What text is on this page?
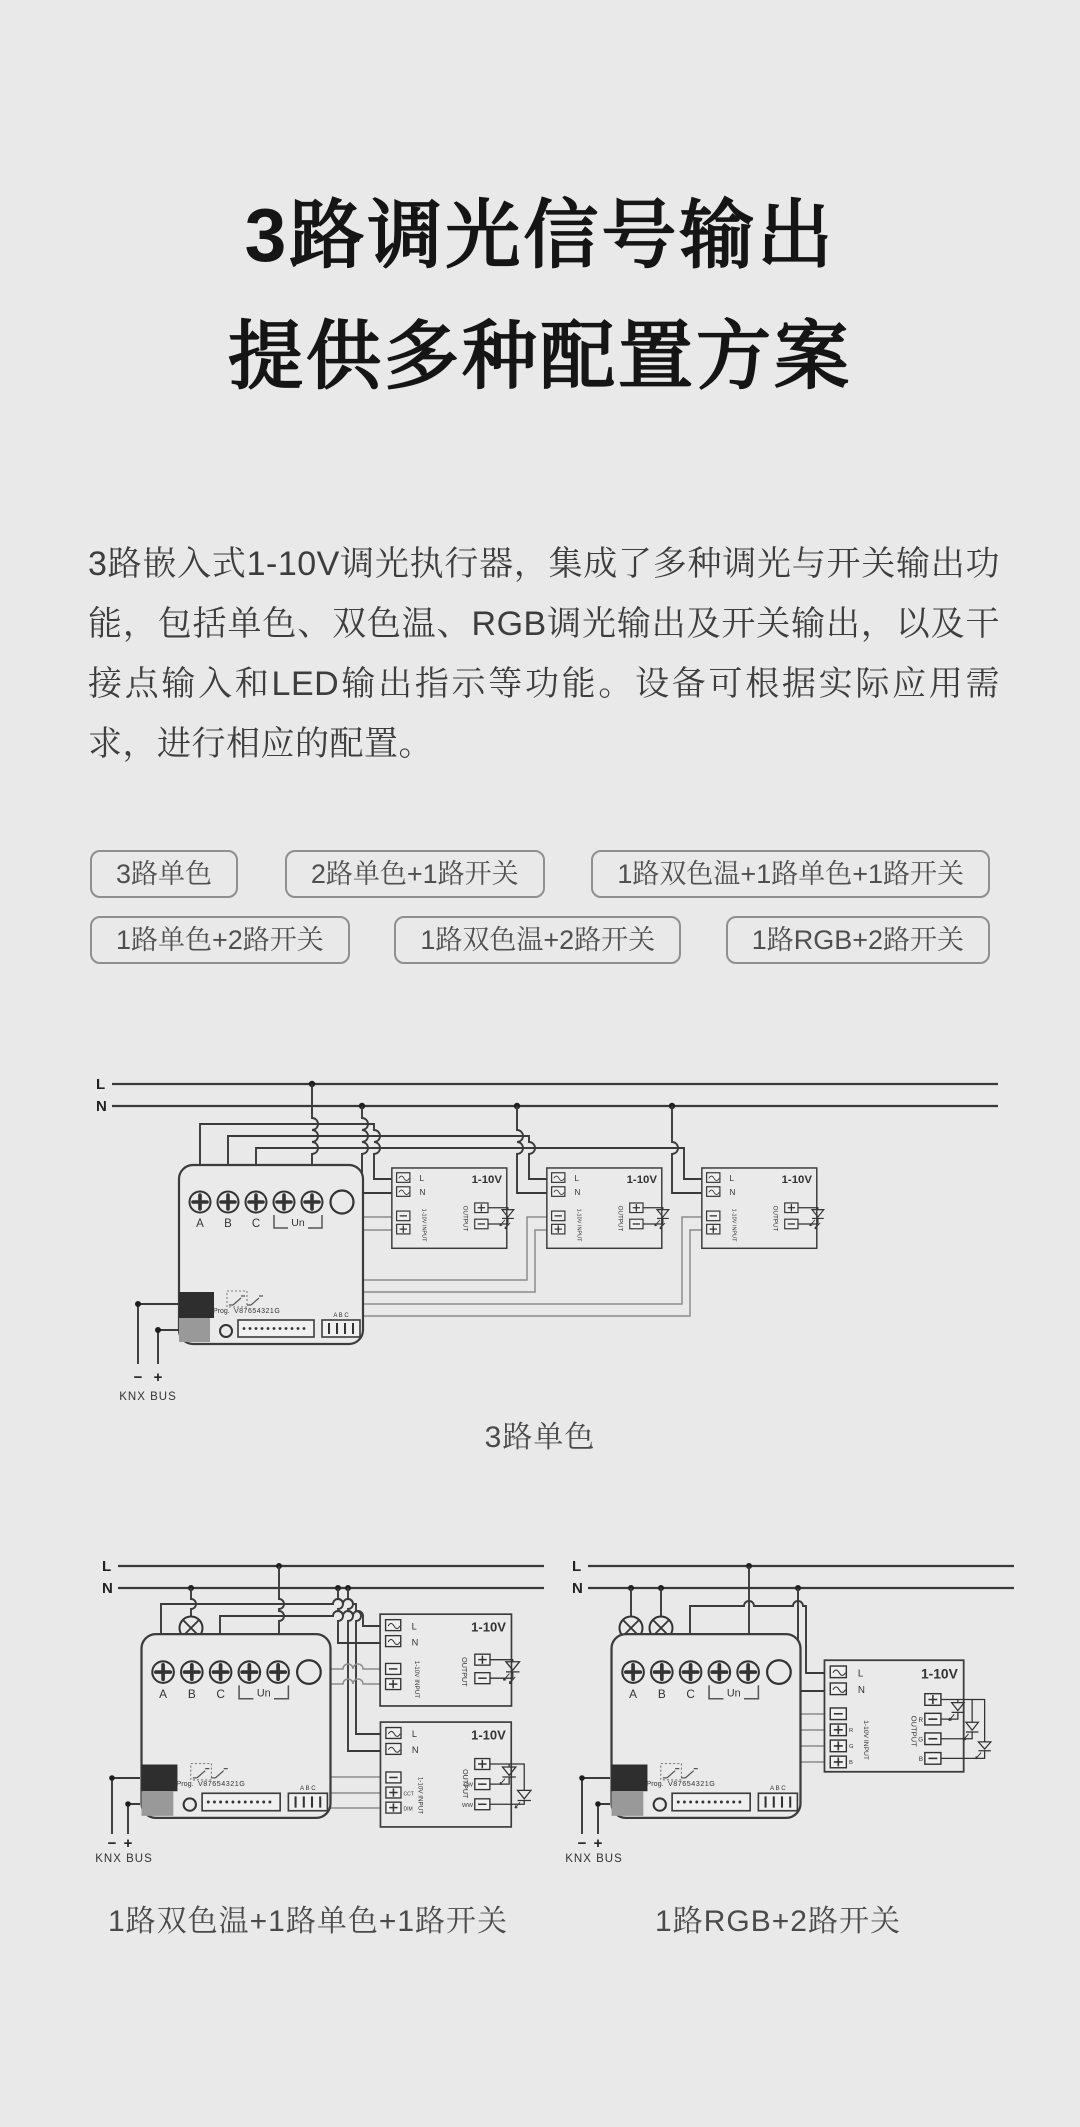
3路调光信号输出
提供多种配置方案
3路嵌入式1-10V调光执行器，集成了多种调光与开关输出功能，包括单色、双色温、RGB调光输出及开关输出，以及干接点输入和LED输出指示等功能。设备可根据实际应用需求，进行相应的配置。
3路单色	2路单色+1路开关	1路双色温+1路单色+1路开关
1路单色+2路开关	1路双色温+2路开关	1路RGB+2路开关
L
N
− +
KNX BUS
3路单色
L
N
− +
KNX BUS
1路双色温+1路单色+1路开关
L
N
− +
KNX BUS
1路RGB+2路开关
